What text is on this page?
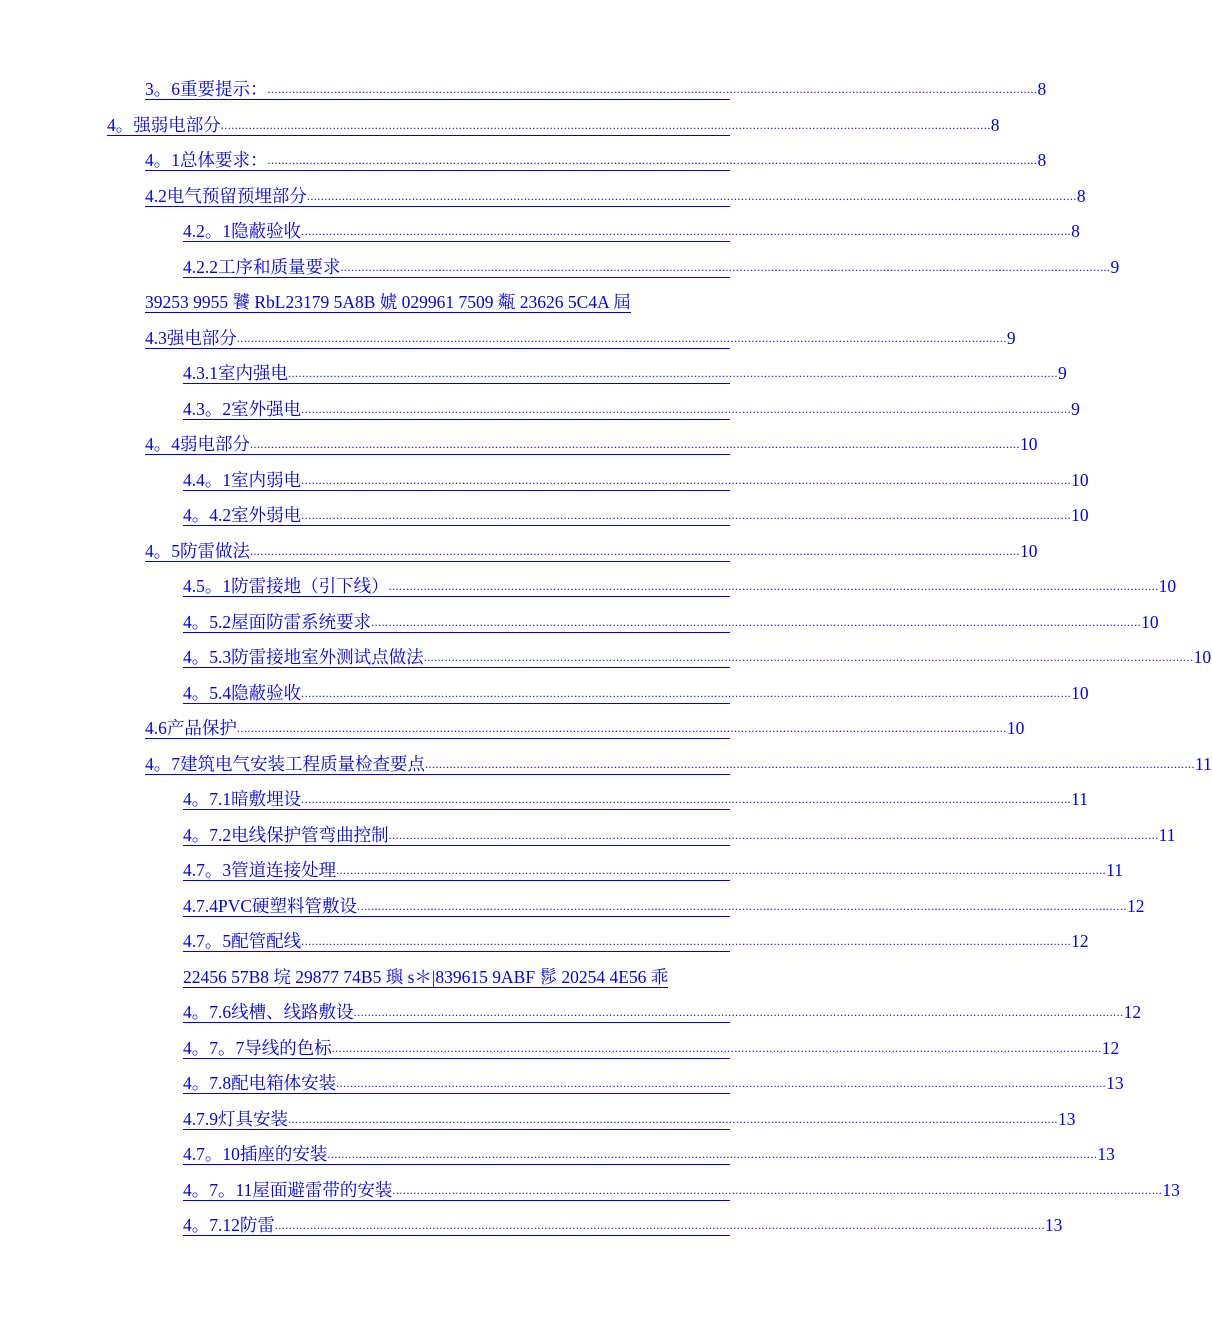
3。6重要提示： ............................................................................................................................................................................................................................ 8
4。强弱电部分 ............................................................................................................................................................................................................................ 8
4。1总体要求： ............................................................................................................................................................................................................................ 8
4.2电气预留预埋部分 ............................................................................................................................................................................................................................ 8
4.2。1隐蔽验收 ............................................................................................................................................................................................................................ 8
4.2.2工序和质量要求 ............................................................................................................................................................................................................................ 9
39253 9955 饕 RbL23179 5A8B 婋 029961 7509 甐 23626 5C4A 屆
4.3强电部分 ............................................................................................................................................................................................................................ 9
4.3.1室内强电 ............................................................................................................................................................................................................................ 9
4.3。2室外强电 ............................................................................................................................................................................................................................ 9
4。4弱电部分 ............................................................................................................................................................................................................................ 10
4.4。1室内弱电 ............................................................................................................................................................................................................................ 10
4。4.2室外弱电 ............................................................................................................................................................................................................................ 10
4。5防雷做法 ............................................................................................................................................................................................................................ 10
4.5。1防雷接地（引下线） ............................................................................................................................................................................................................................ 10
4。5.2屋面防雷系统要求 ............................................................................................................................................................................................................................ 10
4。5.3防雷接地室外测试点做法 ............................................................................................................................................................................................................................ 10
4。5.4隐蔽验收 ............................................................................................................................................................................................................................ 10
4.6产品保护 ............................................................................................................................................................................................................................ 10
4。7建筑电气安装工程质量检查要点 ............................................................................................................................................................................................................................ 11
4。7.1暗敷埋设 ............................................................................................................................................................................................................................ 11
4。7.2电线保护管弯曲控制 ............................................................................................................................................................................................................................ 11
4.7。3管道连接处理 ............................................................................................................................................................................................................................ 11
4.7.4PVC硬塑料管敷设 ............................................................................................................................................................................................................................ 12
4.7。5配管配线 ............................................................................................................................................................................................................................ 12
22456 57B8 垸 29877 74B5 璵 s＊|839615 9ABF 髿 20254 4E56 乖
4。7.6线槽、线路敷设 ............................................................................................................................................................................................................................ 12
4。7。7导线的色标 ............................................................................................................................................................................................................................ 12
4。7.8配电箱体安装 ............................................................................................................................................................................................................................ 13
4.7.9灯具安装 ............................................................................................................................................................................................................................ 13
4.7。10插座的安装 ............................................................................................................................................................................................................................ 13
4。7。11屋面避雷带的安装 ............................................................................................................................................................................................................................ 13
4。7.12防雷 ............................................................................................................................................................................................................................ 13
